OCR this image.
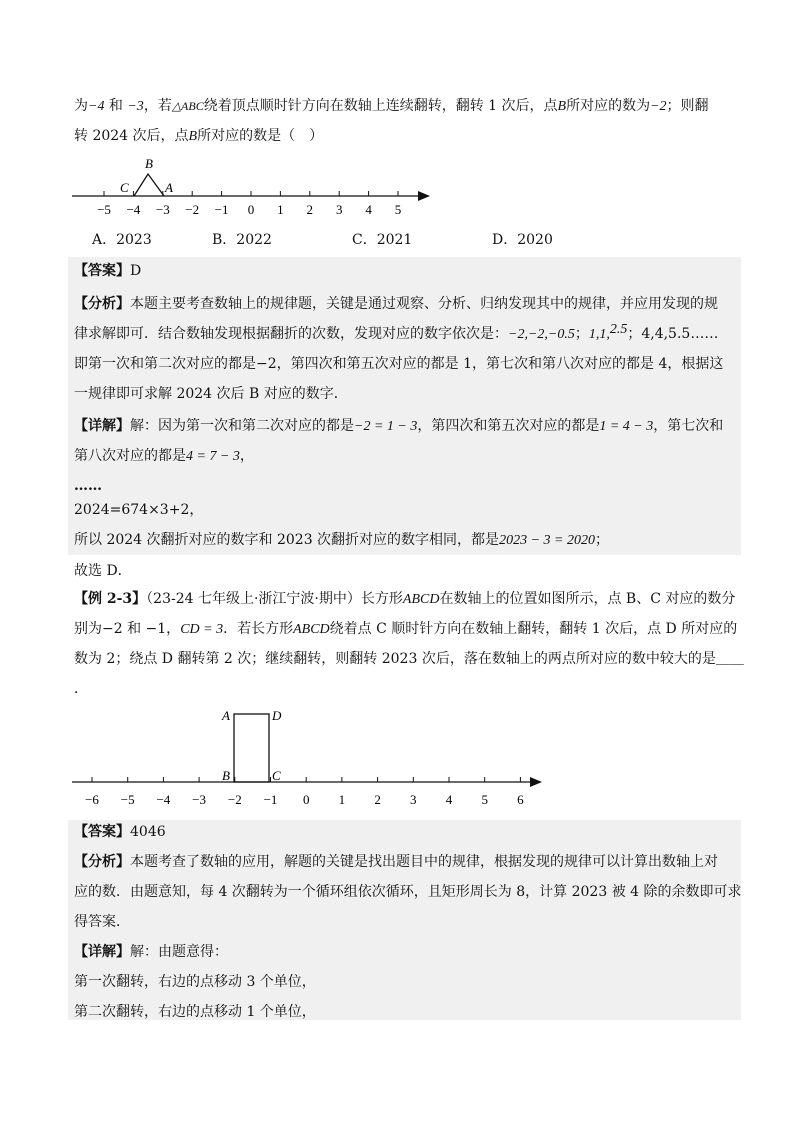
为−4 和 −3，若△ABC绕着顶点顺时针方向在数轴上连续翻转，翻转 1 次后，点B所对应的数为−2；则翻
转 2024 次后，点B所对应的数是（　）
−5 −4 −3 −2 −1 0 1 2 3 4 5
B
C	A
A．2023	B．2022	C．2021	D．2020
【答案】D
【分析】本题主要考查数轴上的规律题，关键是通过观察、分析、归纳发现其中的规律，并应用发现的规
律求解即可．结合数轴发现根据翻折的次数，发现对应的数字依次是：−2,−2,−0.5；1,1,2.5；4,4,5.5……
即第一次和第二次对应的都是−2，第四次和第五次对应的都是 1，第七次和第八次对应的都是 4，根据这
一规律即可求解 2024 次后 B 对应的数字．
【详解】解：因为第一次和第二次对应的都是−2 = 1 − 3，第四次和第五次对应的都是1 = 4 − 3，第七次和
第八次对应的都是4 = 7 − 3，
……
2024=674×3+2，
所以 2024 次翻折对应的数字和 2023 次翻折对应的数字相同，都是2023 − 3 = 2020；
故选 D．
【例 2-3】（23-24 七年级上·浙江宁波·期中）长方形ABCD在数轴上的位置如图所示，点 B、C 对应的数分
别为−2 和 −1，CD = 3．若长方形ABCD绕着点 C 顺时针方向在数轴上翻转，翻转 1 次后，点 D 所对应的
数为 2；绕点 D 翻转第 2 次；继续翻转，则翻转 2023 次后，落在数轴上的两点所对应的数中较大的是＿＿
．
−6 −5 −4 −3 −2 −1 0 1 2 3 4 5 6
A	D
B	C
【答案】4046
【分析】本题考查了数轴的应用，解题的关键是找出题目中的规律，根据发现的规律可以计算出数轴上对
应的数．由题意知，每 4 次翻转为一个循环组依次循环，且矩形周长为 8，计算 2023 被 4 除的余数即可求
得答案．
【详解】解：由题意得：
第一次翻转，右边的点移动 3 个单位，
第二次翻转，右边的点移动 1 个单位，
